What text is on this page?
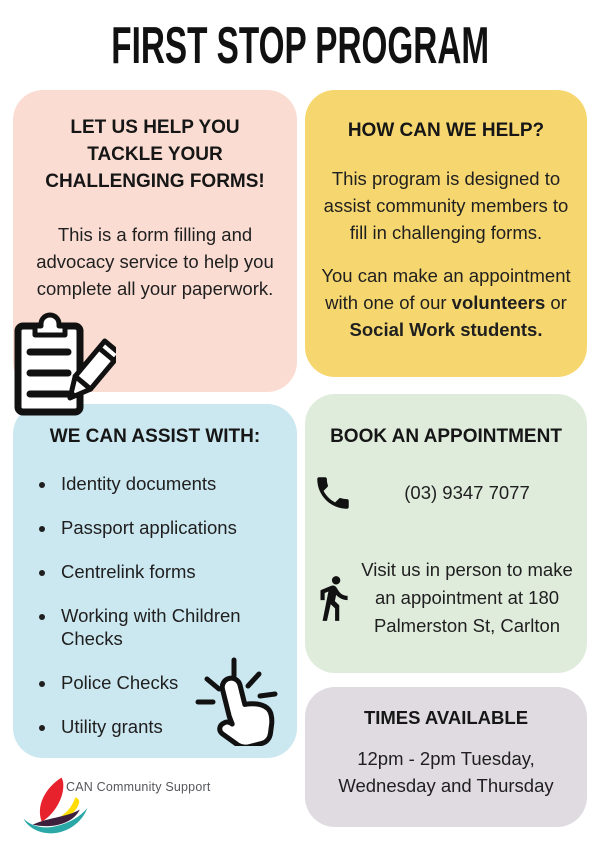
FIRST STOP PROGRAM
LET US HELP YOU TACKLE YOUR CHALLENGING FORMS!
This is a form filling and advocacy service to help you complete all your paperwork.
HOW CAN WE HELP?
This program is designed to assist community members to fill in challenging forms.
You can make an appointment with one of our volunteers or Social Work students.
WE CAN ASSIST WITH:
• Identity documents
• Passport applications
• Centrelink forms
• Working with Children Checks
• Police Checks
• Utility grants
BOOK AN APPOINTMENT
(03) 9347 7077
Visit us in person to make an appointment at 180 Palmerston St, Carlton
TIMES AVAILABLE
12pm - 2pm Tuesday, Wednesday and Thursday
CAN Community Support
